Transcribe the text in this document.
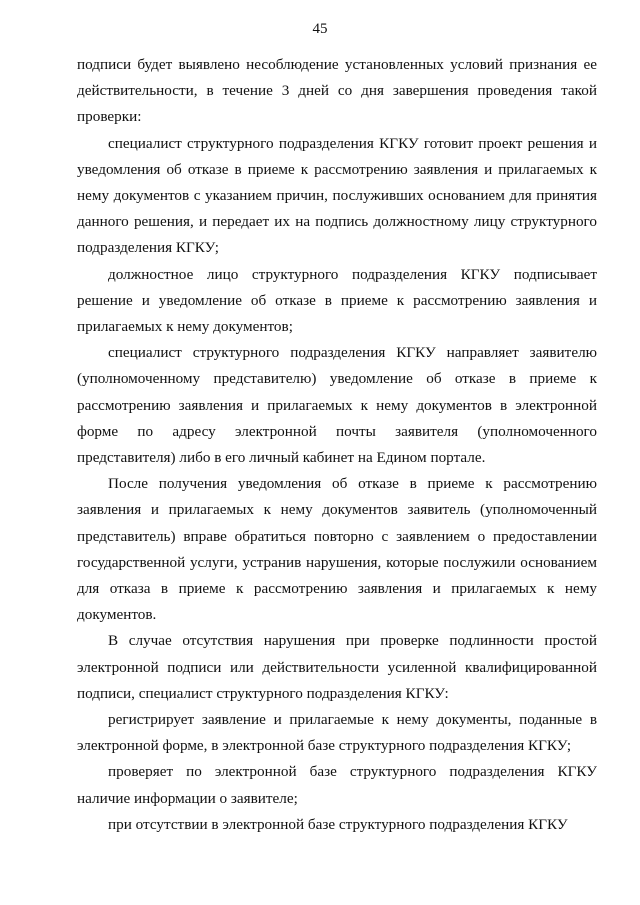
45

подписи будет выявлено несоблюдение установленных условий признания ее действительности, в течение 3 дней со дня завершения проведения такой проверки:

специалист структурного подразделения КГКУ готовит проект решения и уведомления об отказе в приеме к рассмотрению заявления и прилагаемых к нему документов с указанием причин, послуживших основанием для принятия данного решения, и передает их на подпись должностному лицу структурного подразделения КГКУ;

должностное лицо структурного подразделения КГКУ подписывает решение и уведомление об отказе в приеме к рассмотрению заявления и прилагаемых к нему документов;

специалист структурного подразделения КГКУ направляет заявителю (уполномоченному представителю) уведомление об отказе в приеме к рассмотрению заявления и прилагаемых к нему документов в электронной форме по адресу электронной почты заявителя (уполномоченного представителя) либо в его личный кабинет на Едином портале.

После получения уведомления об отказе в приеме к рассмотрению заявления и прилагаемых к нему документов заявитель (уполномоченный представитель) вправе обратиться повторно с заявлением о предоставлении государственной услуги, устранив нарушения, которые послужили основанием для отказа в приеме к рассмотрению заявления и прилагаемых к нему документов.

В случае отсутствия нарушения при проверке подлинности простой электронной подписи или действительности усиленной квалифицированной подписи, специалист структурного подразделения КГКУ:

регистрирует заявление и прилагаемые к нему документы, поданные в электронной форме, в электронной базе структурного подразделения КГКУ;

проверяет по электронной базе структурного подразделения КГКУ наличие информации о заявителе;

при отсутствии в электронной базе структурного подразделения КГКУ
